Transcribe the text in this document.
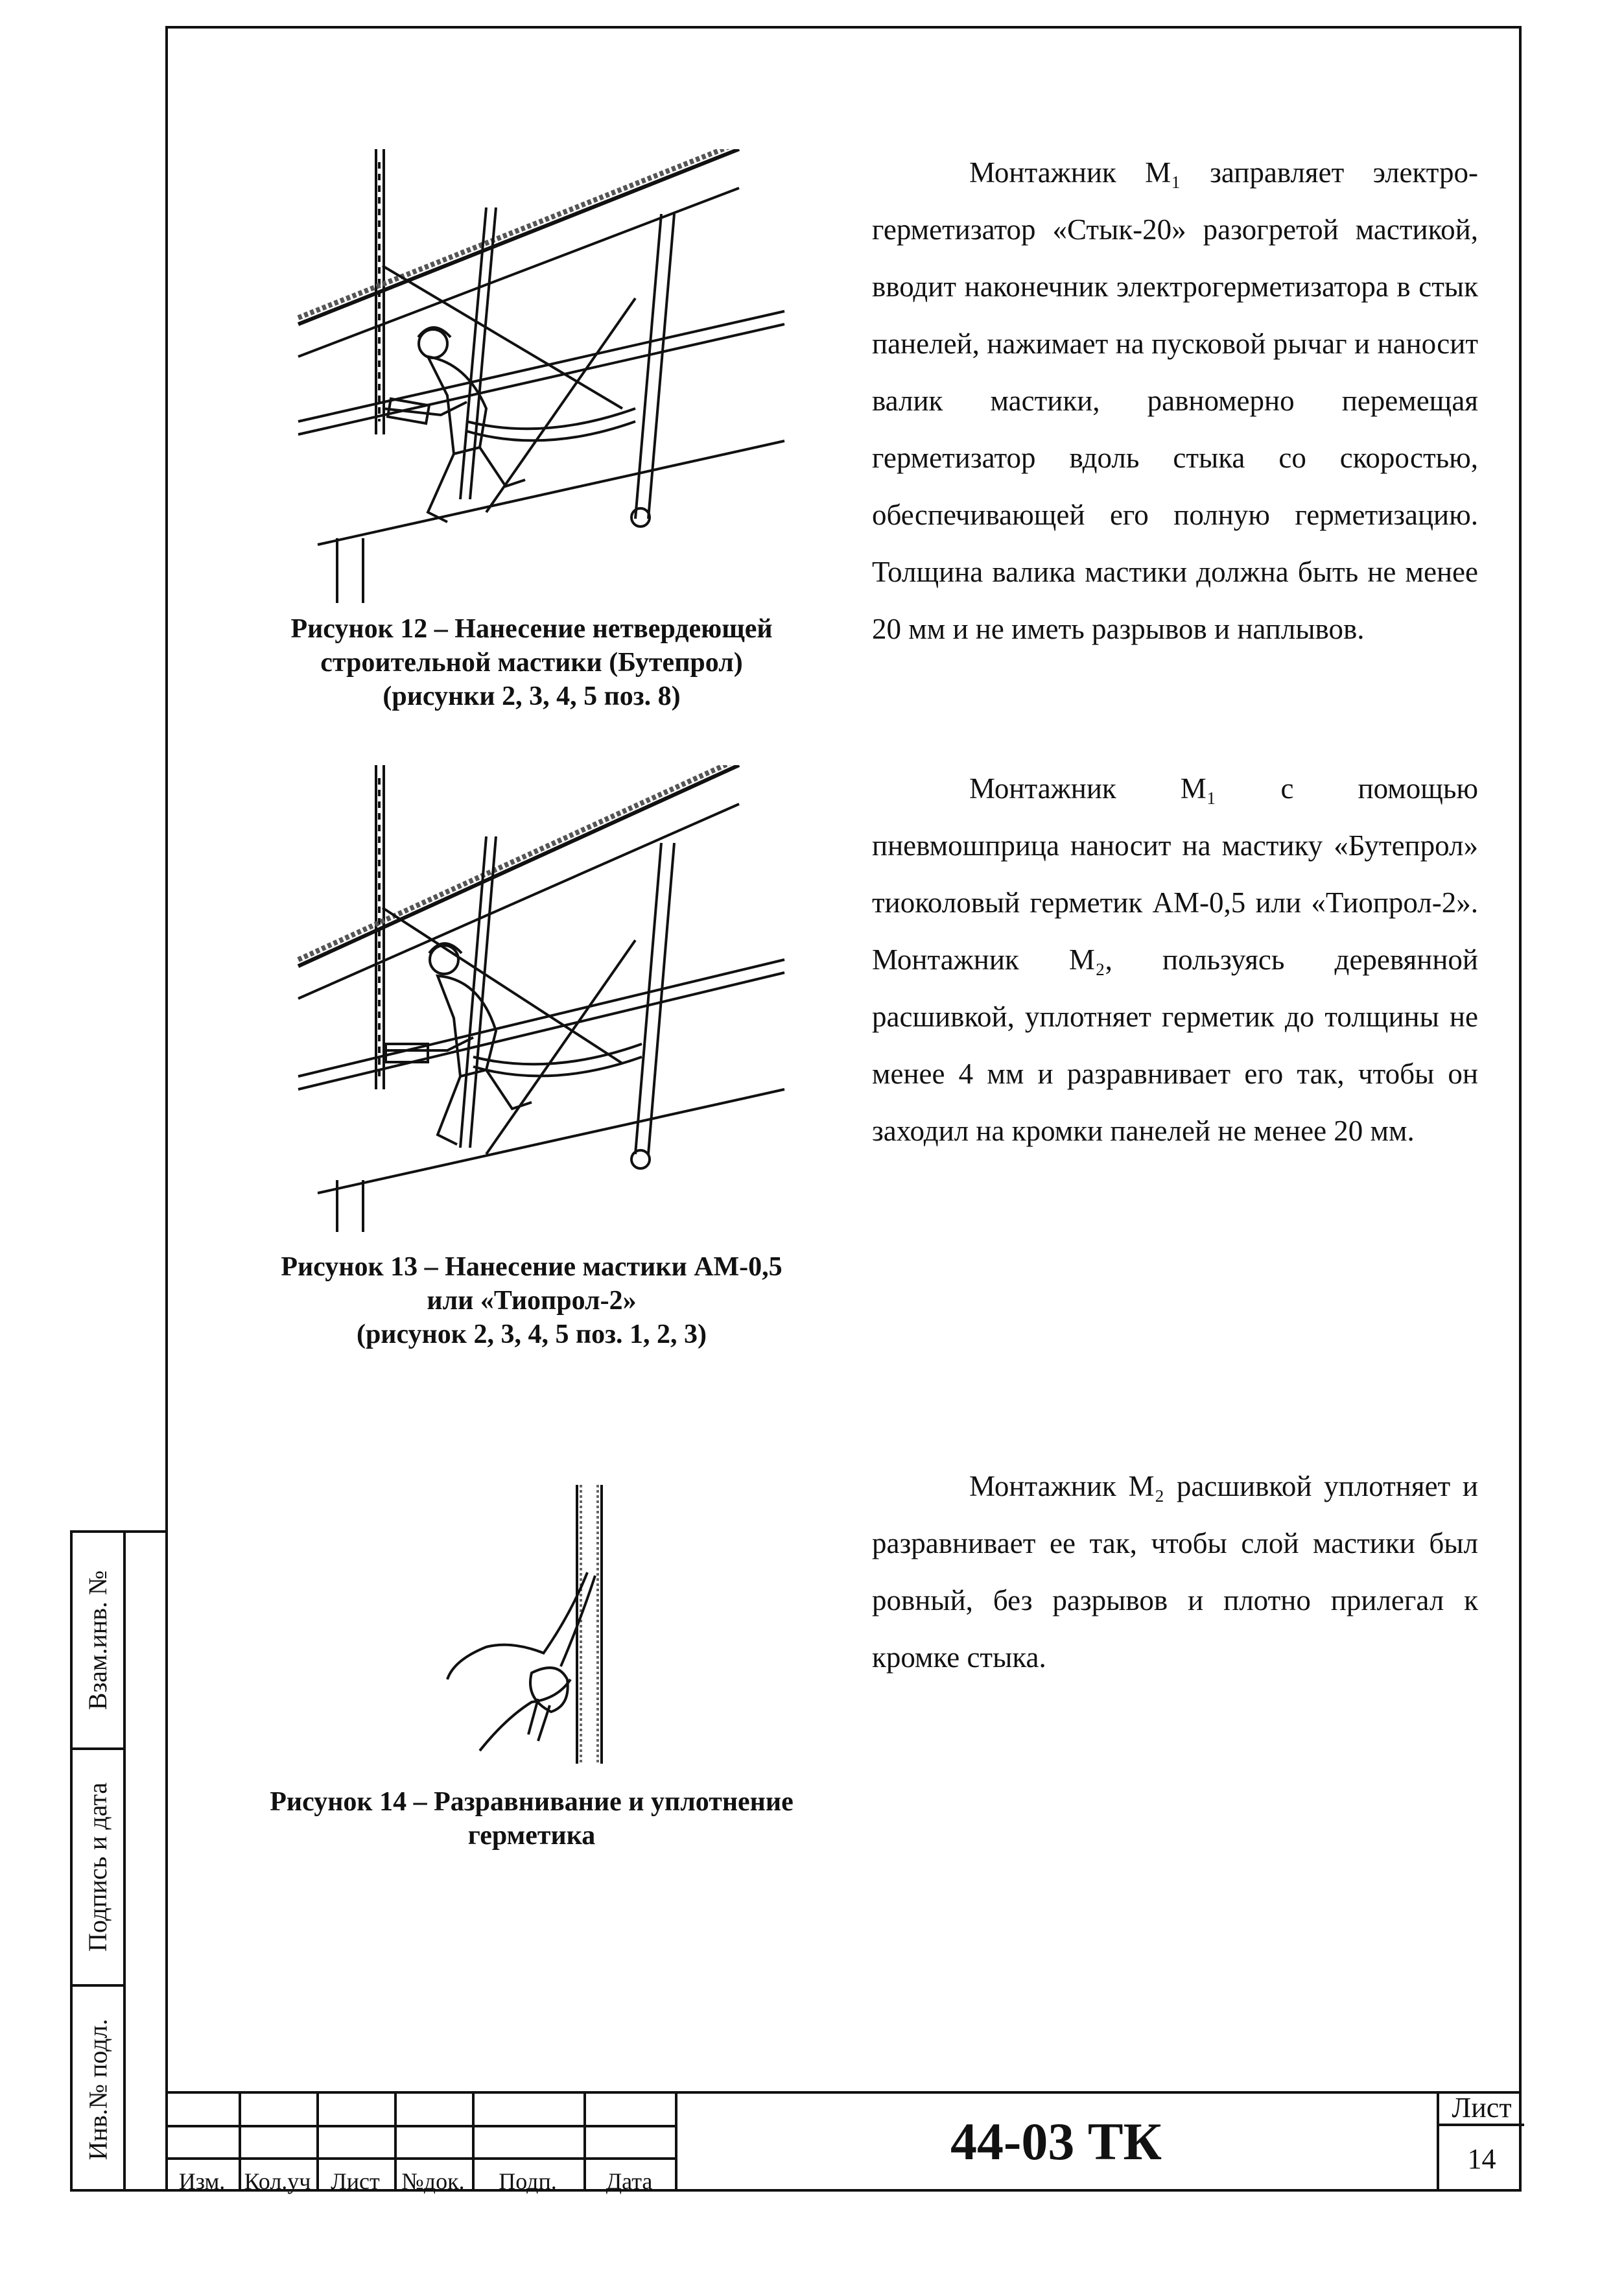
Взам.инв. №
Подпись и дата
Инв.№ подл.
Рисунок 12 – Нанесение нетвердеющей
строительной мастики (Бутепрол)
(рисунки 2, 3, 4, 5 поз. 8)
Рисунок 13 – Нанесение мастики АМ-0,5
или «Тиопрол-2»
(рисунок 2, 3, 4, 5 поз. 1, 2, 3)
Рисунок 14 – Разравнивание и уплотнение
герметика

Монтажник М₁ заправляет электро-герметизатор «Стык-20» разогретой мастикой, вводит наконечник электрогерметизатора в стык панелей, нажимает на пусковой рычаг и наносит валик мастики, равномерно перемещая герметизатор вдоль стыка со скоростью, обеспечивающей его полную герметизацию. Толщина валика мастики должна быть не менее 20 мм и не иметь разрывов и наплывов.

Монтажник М₁ с помощью пневмошприца наносит на мастику «Бутепрол» тиоколовый герметик АМ-0,5 или «Тиопрол-2». Монтажник М₂, пользуясь деревянной расшивкой, уплотняет герметик до толщины не менее 4 мм и разравнивает его так, чтобы он заходил на кромки панелей не менее 20 мм.

Монтажник М₂ расшивкой уплотняет и разравнивает ее так, чтобы слой мастики был ровный, без разрывов и плотно прилегал к кромке стыка.

Изм. Кол.уч Лист №док.	Подп.	Дата
44-03 ТК
Лист
14
